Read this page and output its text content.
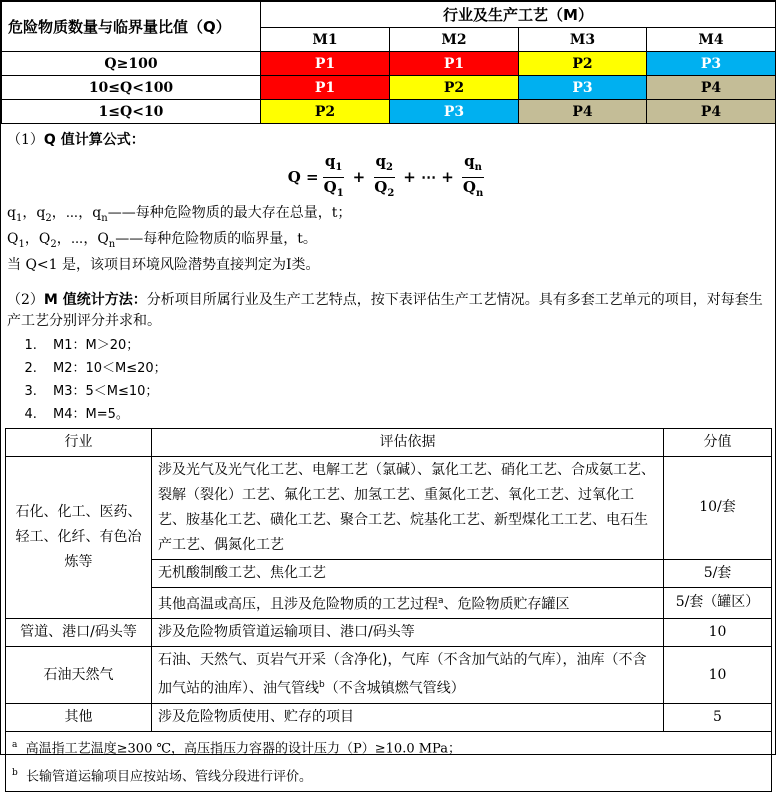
危险物质数量与临界量比值（Q）	行业及生产工艺（M）			
	M1	M2	M3	M4
Q≥100	P1	P1	P2	P3
10≤Q<100	P1	P2	P3	P4
1≤Q<10	P2	P3	P4	P4
（1）Q 值计算公式：
$Q = \frac{q_1}{Q_1} + \frac{q_2}{Q_2}$ + ⋯ + $\frac{q_n}{Q_n}$
$q_1$，$q_2$，⋯，$q_n——$每种危险物质的最大存在总量，t；
$Q_1$，$Q_2$，⋯，$Q_n——$每种危险物质的临界量，t。
当 Q<1 是，该项目环境风险潜势直接判定为I类。
（2）M 值统计方法：分析项目所属行业及生产工艺特点，按下表评估生产工艺情况。具有多套工艺单元的项目，对每套生产工艺分别评分并求和。
1. M1：M＞20；
2. M2：10＜M≤20；
3. M3：5＜M≤10；
4. M4：M=5。
行业	评估依据	分值
石化、化工、医药、轻工、化纤、有色冶炼等	涉及光气及光气化工艺、电解工艺（氯碱）、氯化工艺、硝化工艺、合成氨工艺、裂解（裂化）工艺、氟化工艺、加氢工艺、重氮化工艺、氧化工艺、过氧化工艺、胺基化工艺、磺化工艺、聚合工艺、烷基化工艺、新型煤化工工艺、电石生产工艺、偶氮化工艺	10/套
	无机酸制酸工艺、焦化工艺	5/套
	其他高温或高压，且涉及危险物质的工艺过程$^a$、危险物质贮存罐区	5/套（罐区）
管道、港口/码头等	涉及危险物质管道运输项目、港口/码头等	10
石油天然气	石油、天然气、页岩气开采（含净化)，气库（不含加气站的气库），油库（不含加气站的油库）、油气管线$^b$（不含城镇燃气管线）	10
其他	涉及危险物质使用、贮存的项目	5

$^a$ 高温指工艺温度≥300 ℃，高压指压力容器的设计压力（P）≥10.0 MPa；
$^b$ 长输管道运输项目应按站场、管线分段进行评价。		
